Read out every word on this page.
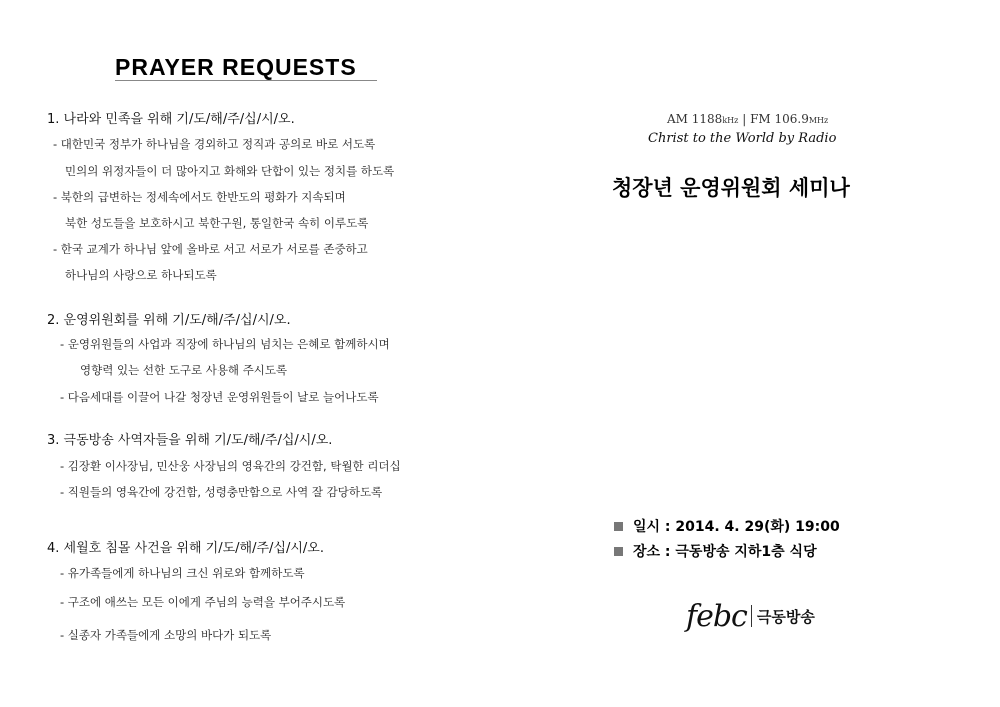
PRAYER REQUESTS
1. 나라와 민족을 위해 기/도/해/주/십/시/오.
- 대한민국 정부가 하나님을 경외하고 정직과 공의로 바로 서도록
민의의 위정자들이 더 많아지고 화해와 단합이 있는 정치를 하도록
- 북한의 급변하는 정세속에서도 한반도의 평화가 지속되며
북한 성도들을 보호하시고 북한구원, 통일한국 속히 이루도록
- 한국 교계가 하나님 앞에 올바로 서고 서로가 서로를 존중하고
하나님의 사랑으로 하나되도록
2. 운영위원회를 위해 기/도/해/주/십/시/오.
- 운영위원들의 사업과 직장에 하나님의 넘치는 은혜로 함께하시며
영향력 있는 선한 도구로 사용해 주시도록
- 다음세대를 이끌어 나갈 청장년 운영위원들이 날로 늘어나도록
3. 극동방송 사역자들을 위해 기/도/해/주/십/시/오.
- 김장환 이사장님, 민산웅 사장님의 영육간의 강건함, 탁월한 리더십
- 직원들의 영육간에 강건함, 성령충만함으로 사역 잘 감당하도록
4. 세월호 침몰 사건을 위해 기/도/해/주/십/시/오.
- 유가족들에게 하나님의 크신 위로와 함께하도록
- 구조에 애쓰는 모든 이에게 주님의 능력을 부어주시도록
- 실종자 가족들에게 소망의 바다가 되도록
AM 1188kHz | FM 106.9MHz
Christ to the World by Radio
청장년 운영위원회 세미나
일시 : 2014. 4. 29(화) 19:00
장소 : 극동방송 지하1층 식당
febc 극동방송
